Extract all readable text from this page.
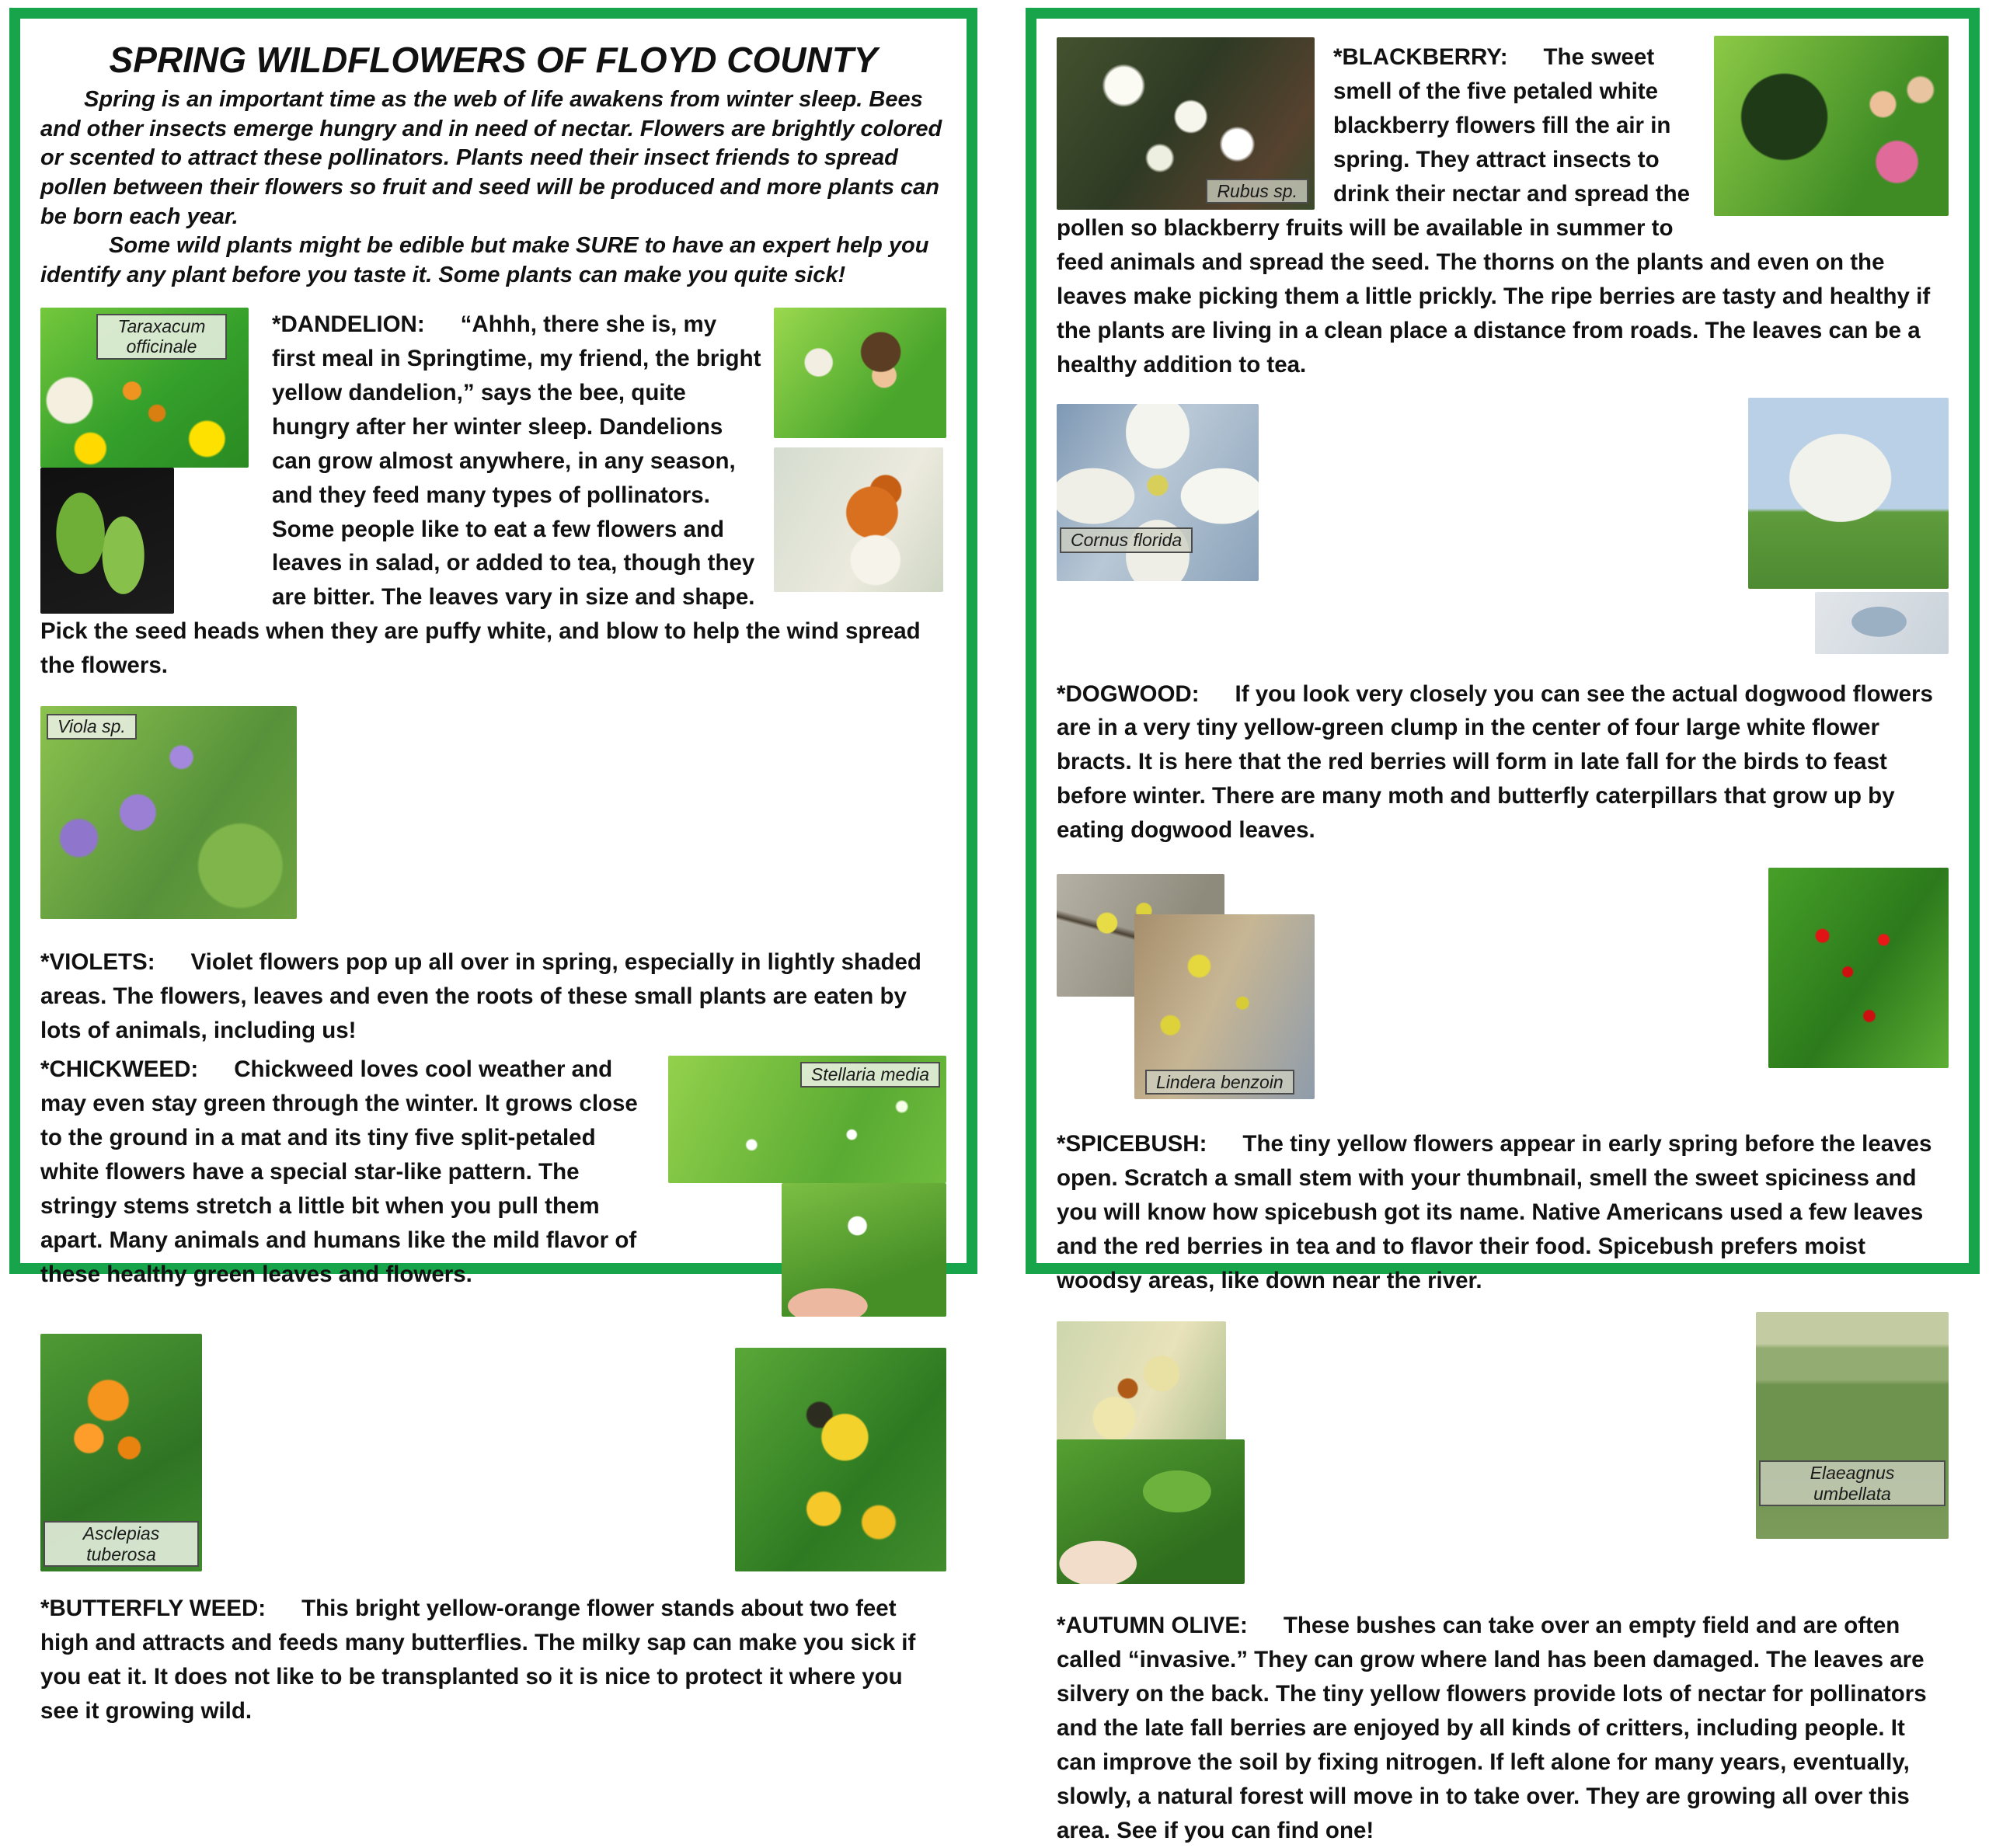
SPRING WILDFLOWERS OF FLOYD COUNTY

Spring is an important time as the web of life awakens from winter sleep. Bees and other insects emerge hungry and in need of nectar. Flowers are brightly colored or scented to attract these pollinators. Plants need their insect friends to spread pollen between their flowers so fruit and seed will be produced and more plants can be born each year.

Some wild plants might be edible but make SURE to have an expert help you identify any plant before you taste it. Some plants can make you quite sick!

Taraxacum officinale

*DANDELION: “Ahhh, there she is, my first meal in Springtime, my friend, the bright yellow dandelion,” says the bee, quite hungry after her winter sleep. Dandelions can grow almost anywhere, in any season, and they feed many types of pollinators. Some people like to eat a few flowers and leaves in salad, or added to tea, though they are bitter. The leaves vary in size and shape. Pick the seed heads when they are puffy white, and blow to help the wind spread the flowers.

Viola sp.

*VIOLETS: Violet flowers pop up all over in spring, especially in lightly shaded areas. The flowers, leaves and even the roots of these small plants are eaten by lots of animals, including us!

Stellaria media

*CHICKWEED: Chickweed loves cool weather and may even stay green through the winter. It grows close to the ground in a mat and its tiny five split-petaled white flowers have a special star-like pattern. The stringy stems stretch a little bit when you pull them apart. Many animals and humans like the mild flavor of these healthy green leaves and flowers.

Asclepias tuberosa

*BUTTERFLY WEED: This bright yellow-orange flower stands about two feet high and attracts and feeds many butterflies. The milky sap can make you sick if you eat it. It does not like to be transplanted so it is nice to protect it where you see it growing wild.

Rubus sp.

*BLACKBERRY: The sweet smell of the five petaled white blackberry flowers fill the air in spring. They attract insects to drink their nectar and spread the pollen so blackberry fruits will be available in summer to feed animals and spread the seed. The thorns on the plants and even on the leaves make picking them a little prickly. The ripe berries are tasty and healthy if the plants are living in a clean place a distance from roads. The leaves can be a healthy addition to tea.

Cornus florida

*DOGWOOD: If you look very closely you can see the actual dogwood flowers are in a very tiny yellow-green clump in the center of four large white flower bracts. It is here that the red berries will form in late fall for the birds to feast before winter. There are many moth and butterfly caterpillars that grow up by eating dogwood leaves.

Lindera benzoin

*SPICEBUSH: The tiny yellow flowers appear in early spring before the leaves open. Scratch a small stem with your thumbnail, smell the sweet spiciness and you will know how spicebush got its name. Native Americans used a few leaves and the red berries in tea and to flavor their food. Spicebush prefers moist woodsy areas, like down near the river.

Elaeagnus umbellata

*AUTUMN OLIVE: These bushes can take over an empty field and are often called “invasive.” They can grow where land has been damaged. The leaves are silvery on the back. The tiny yellow flowers provide lots of nectar for pollinators and the late fall berries are enjoyed by all kinds of critters, including people. It can improve the soil by fixing nitrogen. If left alone for many years, eventually, slowly, a natural forest will move in to take over. They are growing all over this area. See if you can find one!
